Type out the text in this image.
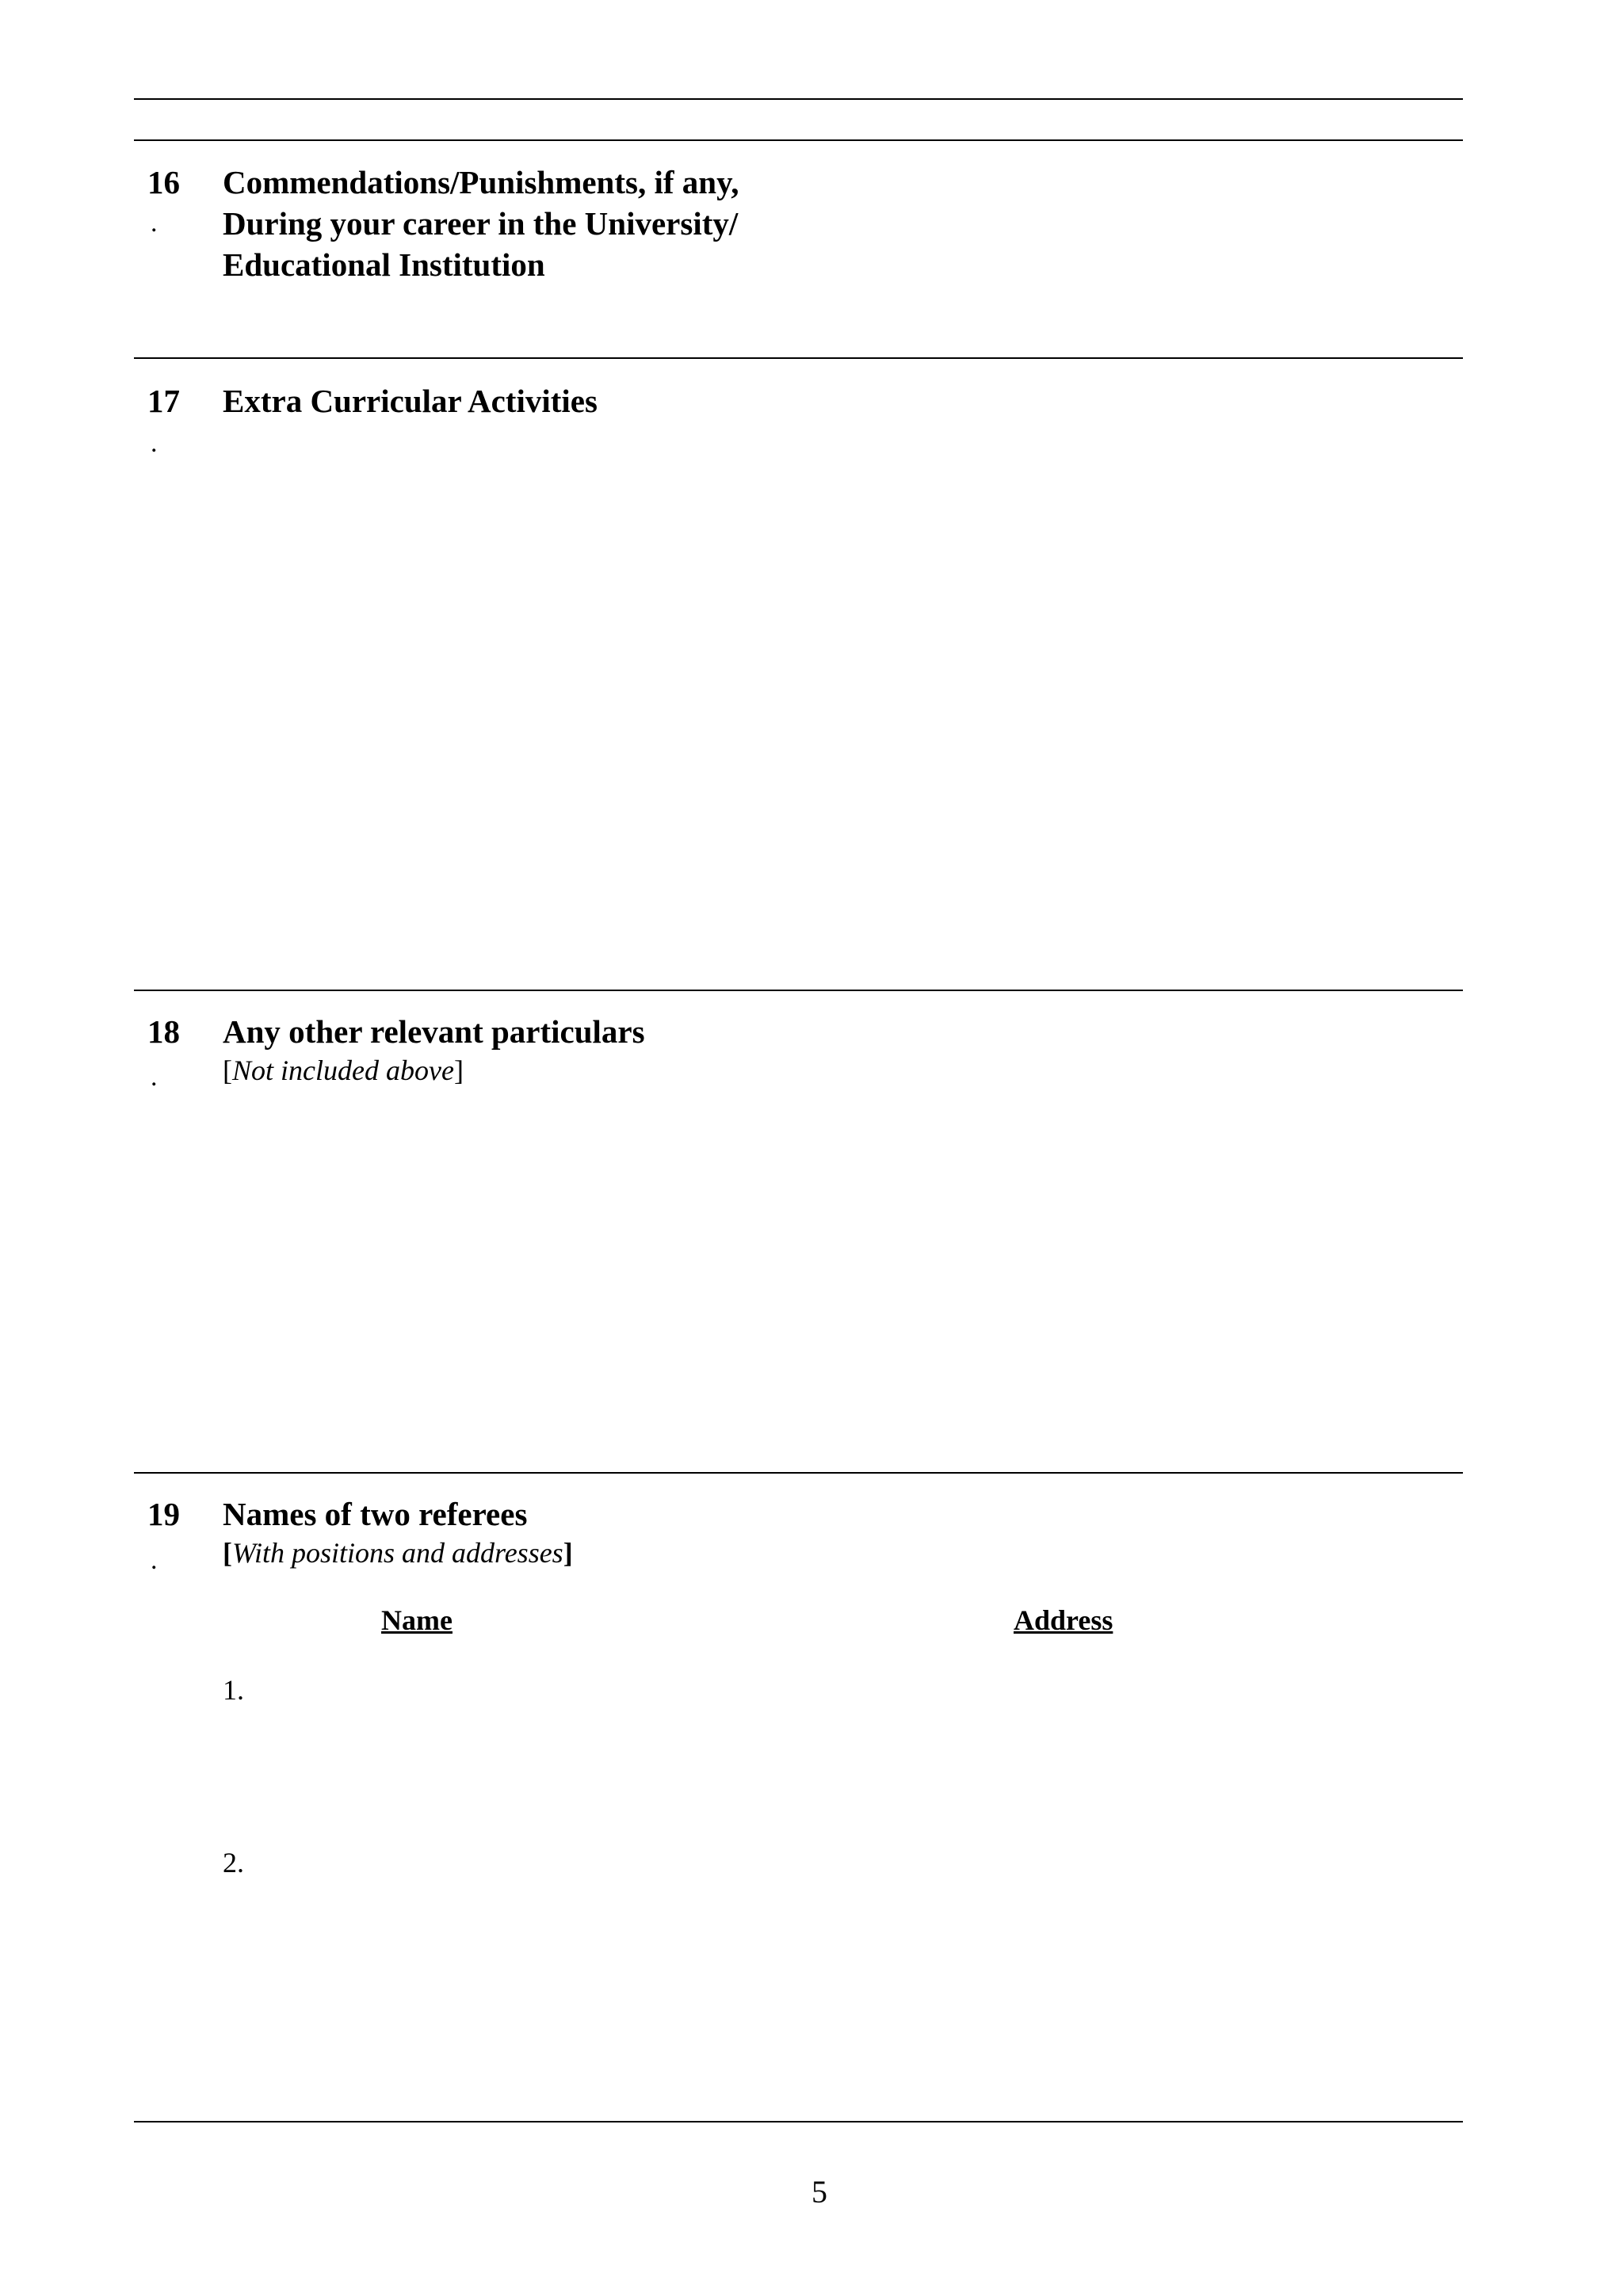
16
.
Commendations/Punishments, if any,
During your career in the University/
Educational Institution
17
.
Extra Curricular Activities
18
.
Any other relevant particulars
[Not included above]
19
.
Names of two referees
[With positions and addresses]
Name	Address
1.
2.
5
